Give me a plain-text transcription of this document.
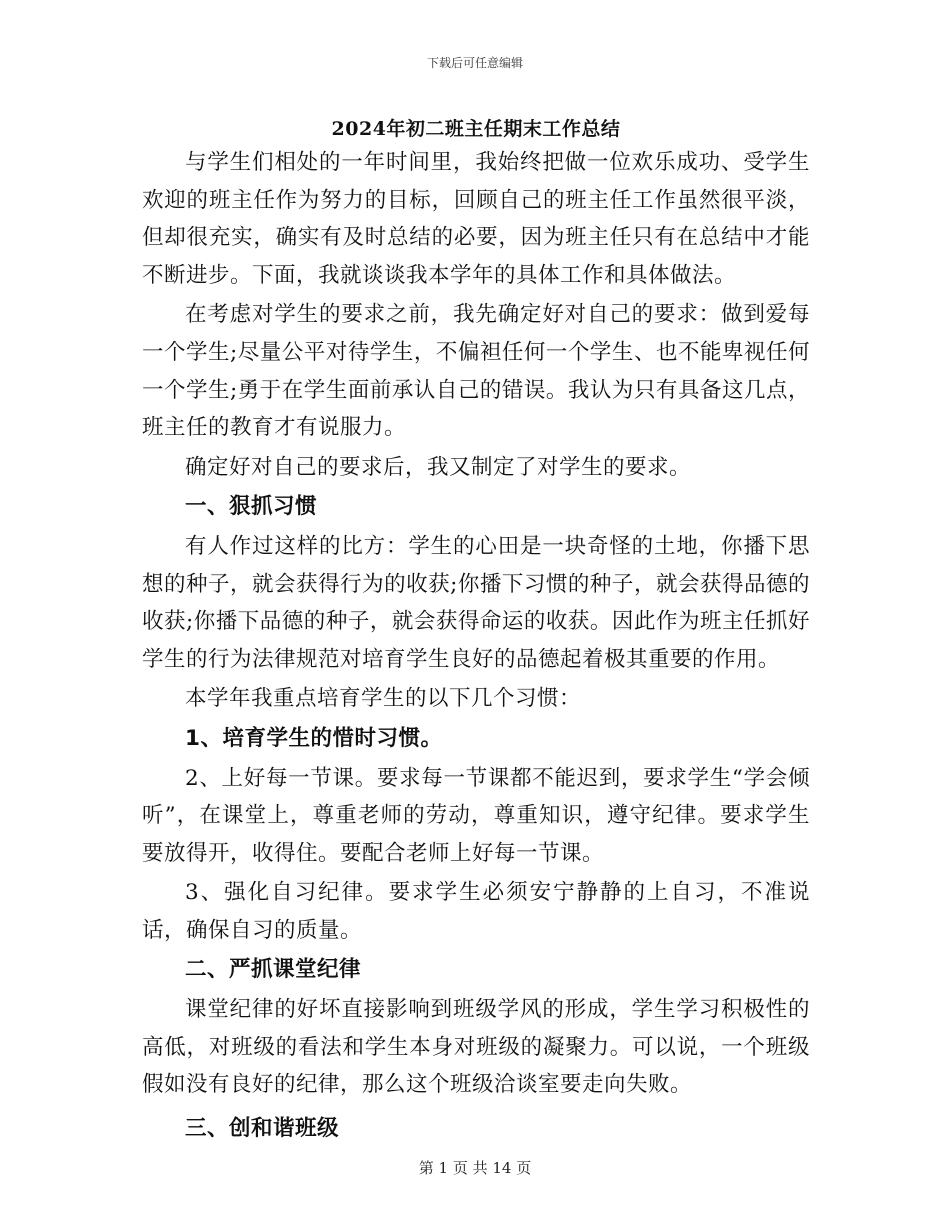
下载后可任意编辑
2024年初二班主任期末工作总结

与学生们相处的一年时间里，我始终把做一位欢乐成功、受学生欢迎的班主任作为努力的目标，回顾自己的班主任工作虽然很平淡，但却很充实，确实有及时总结的必要，因为班主任只有在总结中才能不断进步。下面，我就谈谈我本学年的具体工作和具体做法。

在考虑对学生的要求之前，我先确定好对自己的要求：做到爱每一个学生;尽量公平对待学生，不偏袒任何一个学生、也不能卑视任何一个学生;勇于在学生面前承认自己的错误。我认为只有具备这几点，班主任的教育才有说服力。

确定好对自己的要求后，我又制定了对学生的要求。

一、狠抓习惯

有人作过这样的比方：学生的心田是一块奇怪的土地，你播下思想的种子，就会获得行为的收获;你播下习惯的种子，就会获得品德的收获;你播下品德的种子，就会获得命运的收获。因此作为班主任抓好学生的行为法律规范对培育学生良好的品德起着极其重要的作用。

本学年我重点培育学生的以下几个习惯：

1、培育学生的惜时习惯。

2、上好每一节课。要求每一节课都不能迟到，要求学生“学会倾听”，在课堂上，尊重老师的劳动，尊重知识，遵守纪律。要求学生要放得开，收得住。要配合老师上好每一节课。

3、强化自习纪律。要求学生必须安宁静静的上自习，不准说话，确保自习的质量。

二、严抓课堂纪律

课堂纪律的好坏直接影响到班级学风的形成，学生学习积极性的高低，对班级的看法和学生本身对班级的凝聚力。可以说，一个班级假如没有良好的纪律，那么这个班级洽谈室要走向失败。

三、创和谐班级

第 1 页 共 14 页
